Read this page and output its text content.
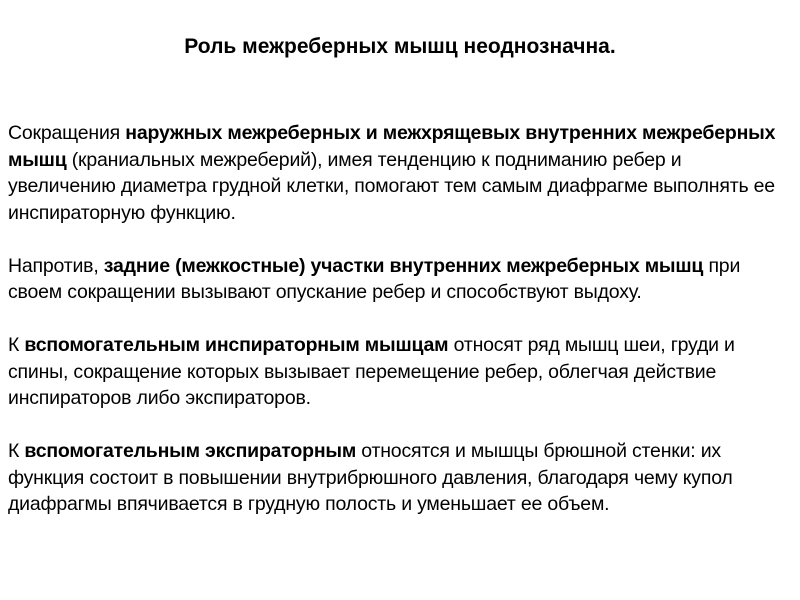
Роль межреберных мышц неоднозначна.

Сокращения наружных межреберных и межхрящевых внутренних межреберных мышц (краниальных межреберий), имея тенденцию к подниманию ребер и увеличению диаметра грудной клетки, помогают тем самым диафрагме выполнять ее инспираторную функцию.

Напротив, задние (межкостные) участки внутренних межреберных мышц при своем сокращении вызывают опускание ребер и способствуют выдоху.

К вспомогательным инспираторным мышцам относят ряд мышц шеи, груди и спины, сокращение которых вызывает перемещение ребер, облегчая действие инспираторов либо экспираторов.

К вспомогательным экспираторным относятся и мышцы брюшной стенки: их функция состоит в повышении внутрибрюшного давления, благодаря чему купол диафрагмы впячивается в грудную полость и уменьшает ее объем.
